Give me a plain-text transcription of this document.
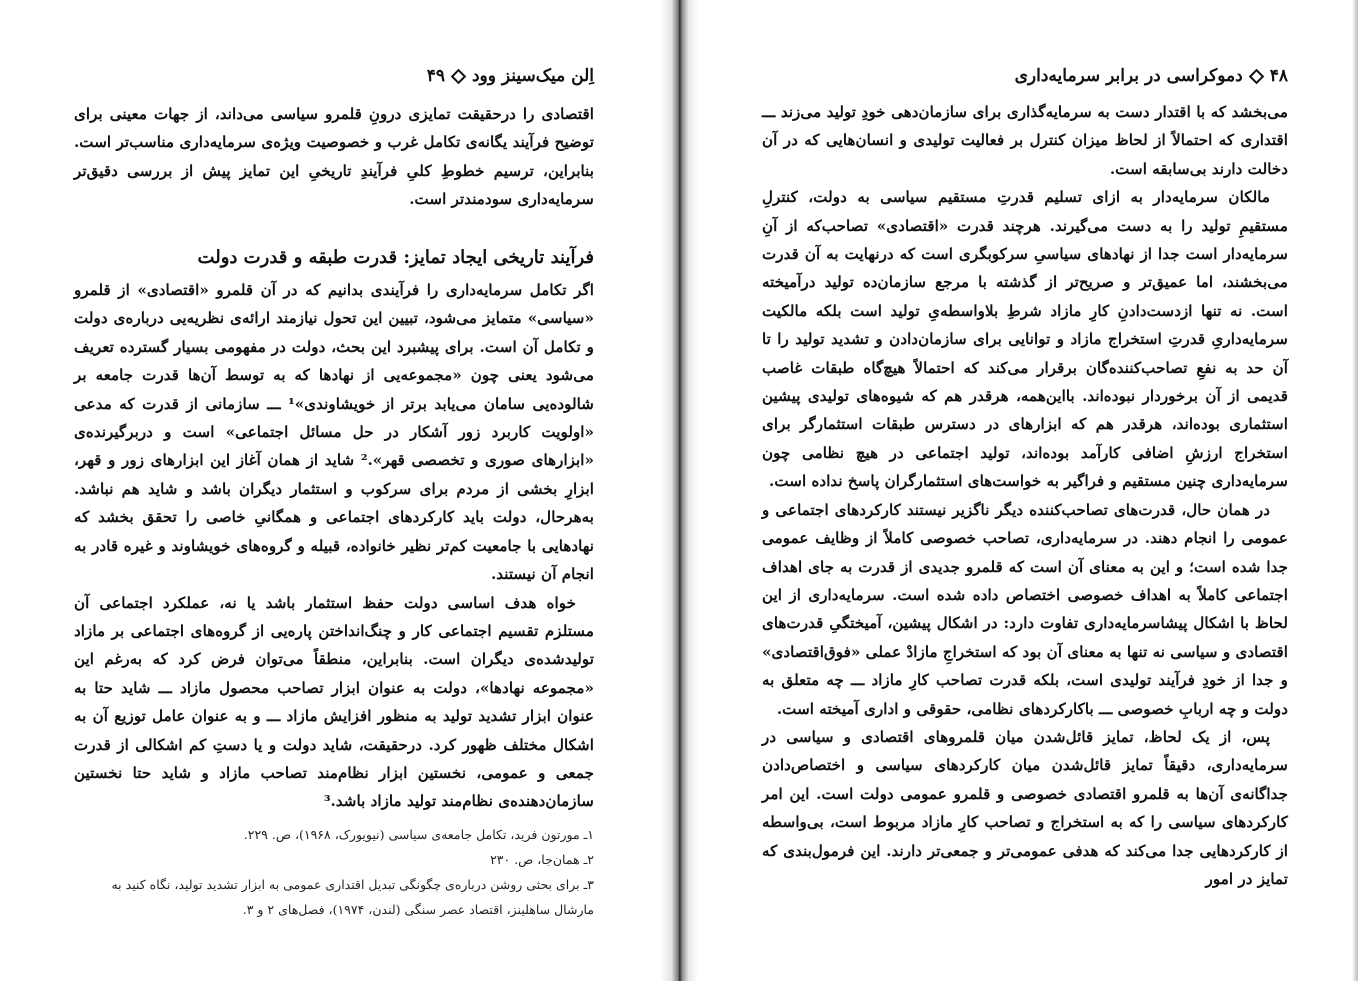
اِلن میک‌سینز وود
۴۹

اقتصادی را درحقیقت تمایزی درونِ قلمرو سیاسی می‌داند، از جهات معینی برای توضیح فرآیند یگانه‌ی تکامل غرب و خصوصیت ویژه‌ی سرمایه‌داری مناسب‌تر است. بنابراین، ترسیم خطوطِ کلیِ فرآیندِ تاریخیِ این تمایز پیش از بررسی دقیق‌تر سرمایه‌داری سودمندتر است.

فرآیند تاریخی ایجاد تمایز: قدرت طبقه و قدرت دولت

اگر تکامل سرمایه‌داری را فرآیندی بدانیم که در آن قلمرو «اقتصادی» از قلمرو «سیاسی» متمایز می‌شود، تبیین این تحول نیازمند ارائه‌ی نظریه‌یی درباره‌ی دولت و تکامل آن است. برای پیشبرد این بحث، دولت در مفهومی بسیار گسترده تعریف می‌شود یعنی چون «مجموعه‌یی از نهادها که به توسط آن‌ها قدرت جامعه بر شالوده‌یی سامان می‌یابد برتر از خویشاوندی»¹ ـــ سازمانی از قدرت که مدعی «اولویت کاربرد زور آشکار در حل مسائل اجتماعی» است و دربرگیرنده‌ی «ابزارهای صوری و تخصصی قهر».² شاید از همان آغاز این ابزارهای زور و قهر، ابزارِ بخشی از مردم برای سرکوب و استثمار دیگران باشد و شاید هم نباشد. به‌هرحال، دولت باید کارکردهای اجتماعی و همگانیِ خاصی را تحقق بخشد که نهادهایی با جامعیت کم‌تر نظیر خانواده، قبیله و گروه‌های خویشاوند و غیره قادر به انجام آن نیستند.

خواه هدف اساسی دولت حفظ استثمار باشد یا نه، عملکرد اجتماعی آن مستلزم تقسیم اجتماعی کار و چنگ‌انداختن پاره‌یی از گروه‌های اجتماعی بر مازاد تولیدشده‌ی دیگران است. بنابراین، منطقاً می‌توان فرض کرد که به‌رغم این «مجموعه نهادها»، دولت به عنوان ابزار تصاحب محصول مازاد ـــ شاید حتا به عنوان ابزار تشدید تولید به منظور افزایش مازاد ـــ و به عنوان عامل توزیع آن به اشکال مختلف ظهور کرد. درحقیقت، شاید دولت و یا دستِ کم اشکالی از قدرت جمعی و عمومی، نخستین ابزار نظام‌مند تصاحب مازاد و شاید حتا نخستین سازمان‌دهنده‌ی نظام‌مند تولید مازاد باشد.³

۱ـ مورتون فرید، تکامل جامعه‌ی سیاسی (نیویورک، ۱۹۶۸)، ص. ۲۲۹.

۲ـ همان‌جا، ص. ۲۳۰

۳ـ برای بحثی روشن درباره‌ی چگونگی تبدیل اقتداری عمومی به ابزار تشدید تولید، نگاه کنید به مارشال ساهلینز، اقتصاد عصر سنگی (لندن، ۱۹۷۴)، فصل‌های ۲ و ۳.

۴۸
دموکراسی در برابر سرمایه‌داری

می‌بخشد که با اقتدار دست به سرمایه‌گذاری برای سازمان‌دهی خودِ تولید می‌زند ـــ اقتداری که احتمالاً از لحاظ میزان کنترل بر فعالیت تولیدی و انسان‌هایی که در آن دخالت دارند بی‌سابقه است.

مالکان سرمایه‌دار به ازای تسلیم قدرتِ مستقیم سیاسی به دولت، کنترلِ مستقیمِ تولید را به دست می‌گیرند. هرچند قدرت «اقتصادی» تصاحب‌که از آنِ سرمایه‌دار است جدا از نهادهای سیاسیِ سرکوبگری است که درنهایت به آن قدرت می‌بخشند، اما عمیق‌تر و صریح‌تر از گذشته با مرجع سازمان‌ده تولید درآمیخته است. نه تنها ازدست‌دادنِ کارِ مازاد شرطِ بلاواسطه‌یِ تولید است بلکه مالکیت سرمایه‌داریِ قدرتِ استخراج مازاد و توانایی برای سازمان‌دادن و تشدید تولید را تا آن حد به نفعِ تصاحب‌کننده‌گان برقرار می‌کند که احتمالاً هیچ‌گاه طبقات غاصب قدیمی از آن برخوردار نبوده‌اند. بااین‌همه، هرقدر هم که شیوه‌های تولیدی پیشین استثماری بوده‌اند، هرقدر هم که ابزارهای در دسترس طبقات استثمارگر برای استخراج ارزشِ اضافی کارآمد بوده‌اند، تولید اجتماعی در هیچ نظامی چون سرمایه‌داری چنین مستقیم و فراگیر به خواست‌های استثمارگران پاسخ نداده است.

در همان حال، قدرت‌های تصاحب‌کننده دیگر ناگزیر نیستند کارکردهای اجتماعی و عمومی را انجام دهند. در سرمایه‌داری، تصاحب خصوصی کاملاً از وظایف عمومی جدا شده است؛ و این به معنای آن است که قلمرو جدیدی از قدرت به جای اهداف اجتماعی کاملاً به اهداف خصوصی اختصاص داده شده است. سرمایه‌داری از این لحاظ با اشکال پیشاسرمایه‌داری تفاوت دارد: در اشکال پیشین، آمیختگیِ قدرت‌های اقتصادی و سیاسی نه تنها به معنای آن بود که استخراجِ مازادْ عملی «فوق‌اقتصادی» و جدا از خودِ فرآیند تولیدی است، بلکه قدرت تصاحب کارِ مازاد ـــ چه متعلق به دولت و چه اربابِ خصوصی ـــ باکارکردهای نظامی، حقوقی و اداری آمیخته است.

پس، از یک لحاظ، تمایز قائل‌شدن میان قلمروهای اقتصادی و سیاسی در سرمایه‌داری، دقیقاً تمایز قائل‌شدن میان کارکردهای سیاسی و اختصاص‌دادن جداگانه‌ی آن‌ها به قلمرو اقتصادی خصوصی و قلمرو عمومی دولت است. این امر کارکردهای سیاسی را که به استخراج و تصاحب کارِ مازاد مربوط است، بی‌واسطه از کارکردهایی جدا می‌کند که هدفی عمومی‌تر و جمعی‌تر دارند. این فرمول‌بندی که تمایز در امور
